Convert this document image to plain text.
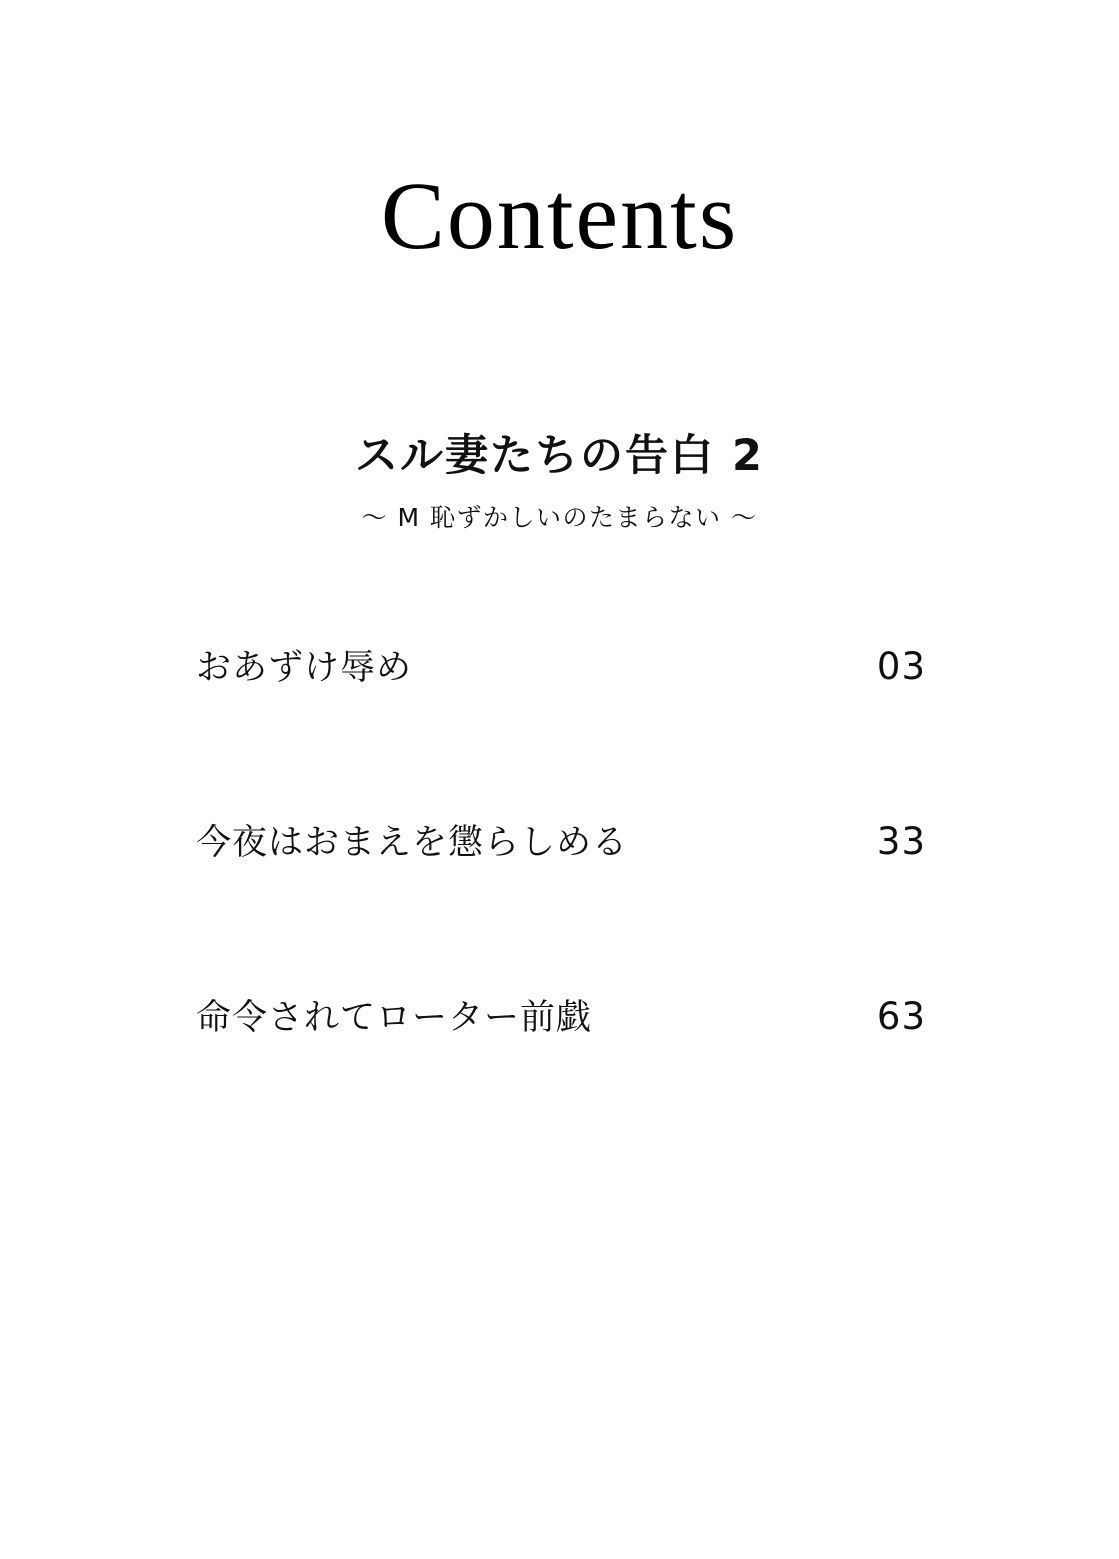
Contents
スル妻たちの告白 2
〜 M 恥ずかしいのたまらない 〜
おあずけ辱め	03
今夜はおまえを懲らしめる	33
命令されてローター前戯	63
